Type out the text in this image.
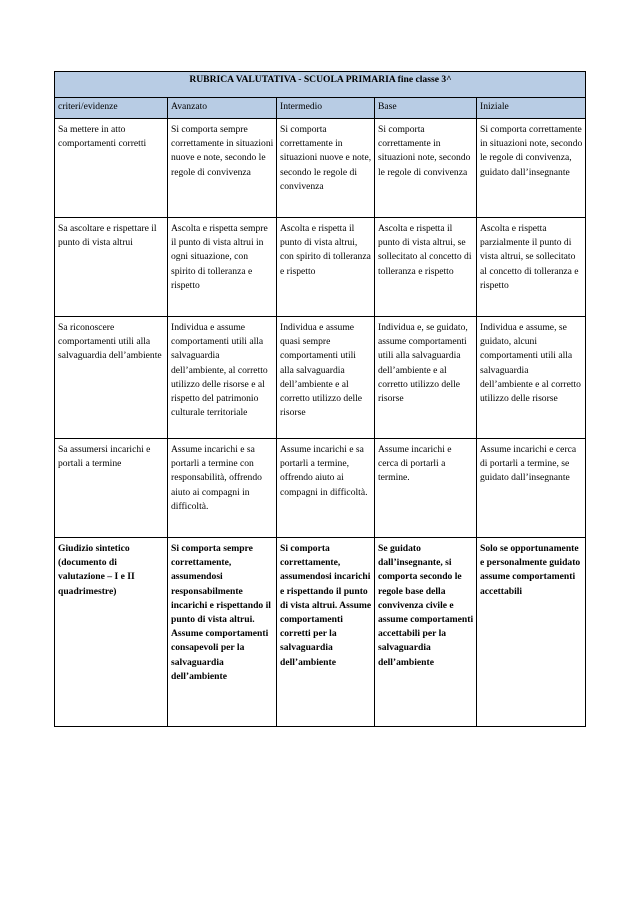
RUBRICA VALUTATIVA - SCUOLA PRIMARIA fine classe 3^				
criteri/evidenze	Avanzato	Intermedio	Base	Iniziale
Sa mettere in atto comportamenti corretti	Si comporta sempre correttamente in situazioni nuove e note, secondo le regole di convivenza	Si comporta correttamente in situazioni nuove e note, secondo le regole di convivenza	Si comporta correttamente in situazioni note, secondo le regole di convivenza	Si comporta correttamente in situazioni note, secondo le regole di convivenza, guidato dall’insegnante
Sa ascoltare e rispettare il punto di vista altrui	Ascolta e rispetta sempre il punto di vista altrui in ogni situazione, con spirito di tolleranza e rispetto	Ascolta e rispetta il punto di vista altrui, con spirito di tolleranza e rispetto	Ascolta e rispetta il punto di vista altrui, se sollecitato al concetto di tolleranza e rispetto	Ascolta e rispetta parzialmente il punto di vista altrui, se sollecitato al concetto di tolleranza e rispetto
Sa riconoscere comportamenti utili alla salvaguardia dell’ambiente	Individua e assume comportamenti utili alla salvaguardia dell’ambiente, al corretto utilizzo delle risorse e al rispetto del patrimonio culturale territoriale	Individua e assume quasi sempre comportamenti utili alla salvaguardia dell’ambiente e al corretto utilizzo delle risorse	Individua e, se guidato, assume comportamenti utili alla salvaguardia dell’ambiente e al corretto utilizzo delle risorse	Individua e assume, se guidato, alcuni comportamenti utili alla salvaguardia dell’ambiente e al corretto utilizzo delle risorse
Sa assumersi incarichi e portali a termine	Assume incarichi e sa portarli a termine con responsabilità, offrendo aiuto ai compagni in difficoltà.	Assume incarichi e sa portarli a termine, offrendo aiuto ai compagni in difficoltà.	Assume incarichi e cerca di portarli a termine.	Assume incarichi e cerca di portarli a termine, se guidato dall’insegnante
Giudizio sintetico (documento di valutazione – I e II quadrimestre)	Si comporta sempre correttamente, assumendosi responsabilmente incarichi e rispettando il punto di vista altrui. Assume comportamenti consapevoli per la salvaguardia dell’ambiente	Si comporta correttamente, assumendosi incarichi e rispettando il punto di vista altrui. Assume comportamenti corretti per la salvaguardia dell’ambiente	Se guidato dall’insegnante, si comporta secondo le regole base della convivenza civile e assume comportamenti accettabili per la salvaguardia dell’ambiente	Solo se opportunamente e personalmente guidato assume comportamenti accettabili
